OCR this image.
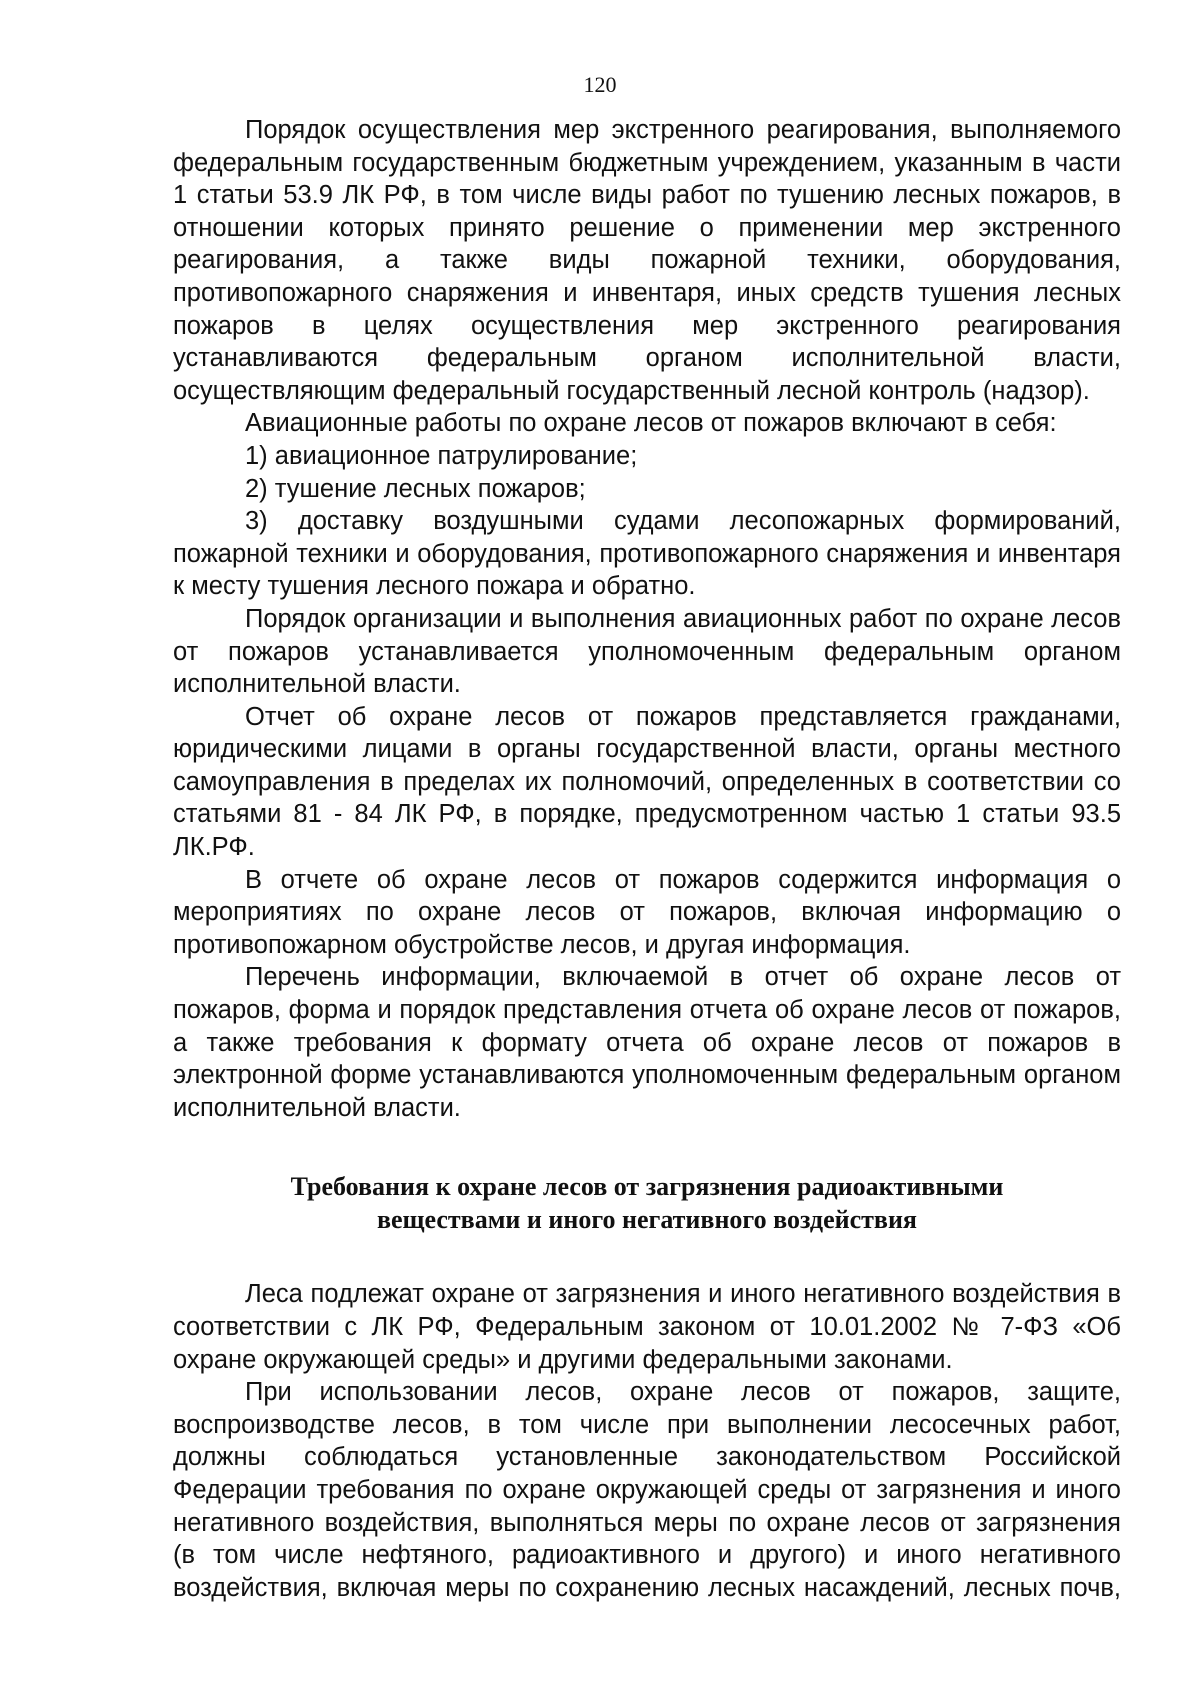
120

Порядок осуществления мер экстренного реагирования, выполняемого федеральным государственным бюджетным учреждением, указанным в части 1 статьи 53.9 ЛК РФ, в том числе виды работ по тушению лесных пожаров, в отношении которых принято решение о применении мер экстренного реагирования, а также виды пожарной техники, оборудования, противопожарного снаряжения и инвентаря, иных средств тушения лесных пожаров в целях осуществления мер экстренного реагирования устанавливаются федеральным органом исполнительной власти, осуществляющим федеральный государственный лесной контроль (надзор).

Авиационные работы по охране лесов от пожаров включают в себя:

1) авиационное патрулирование;

2) тушение лесных пожаров;

3) доставку воздушными судами лесопожарных формирований, пожарной техники и оборудования, противопожарного снаряжения и инвентаря к месту тушения лесного пожара и обратно.

Порядок организации и выполнения авиационных работ по охране лесов от пожаров устанавливается уполномоченным федеральным органом исполнительной власти.

Отчет об охране лесов от пожаров представляется гражданами, юридическими лицами в органы государственной власти, органы местного самоуправления в пределах их полномочий, определенных в соответствии со статьями 81 - 84 ЛК РФ, в порядке, предусмотренном частью 1 статьи 93.5 ЛК.РФ.

В отчете об охране лесов от пожаров содержится информация о мероприятиях по охране лесов от пожаров, включая информацию о противопожарном обустройстве лесов, и другая информация.

Перечень информации, включаемой в отчет об охране лесов от пожаров, форма и порядок представления отчета об охране лесов от пожаров, а также требования к формату отчета об охране лесов от пожаров в электронной форме устанавливаются уполномоченным федеральным органом исполнительной власти.

Требования к охране лесов от загрязнения радиоактивными
веществами и иного негативного воздействия

Леса подлежат охране от загрязнения и иного негативного воздействия в соответствии с ЛК РФ, Федеральным законом от 10.01.2002 № 7-ФЗ «Об охране окружающей среды» и другими федеральными законами.

При использовании лесов, охране лесов от пожаров, защите, воспроизводстве лесов, в том числе при выполнении лесосечных работ, должны соблюдаться установленные законодательством Российской Федерации требования по охране окружающей среды от загрязнения и иного негативного воздействия, выполняться меры по охране лесов от загрязнения (в том числе нефтяного, радиоактивного и другого) и иного негативного воздействия, включая меры по сохранению лесных насаждений, лесных почв,
